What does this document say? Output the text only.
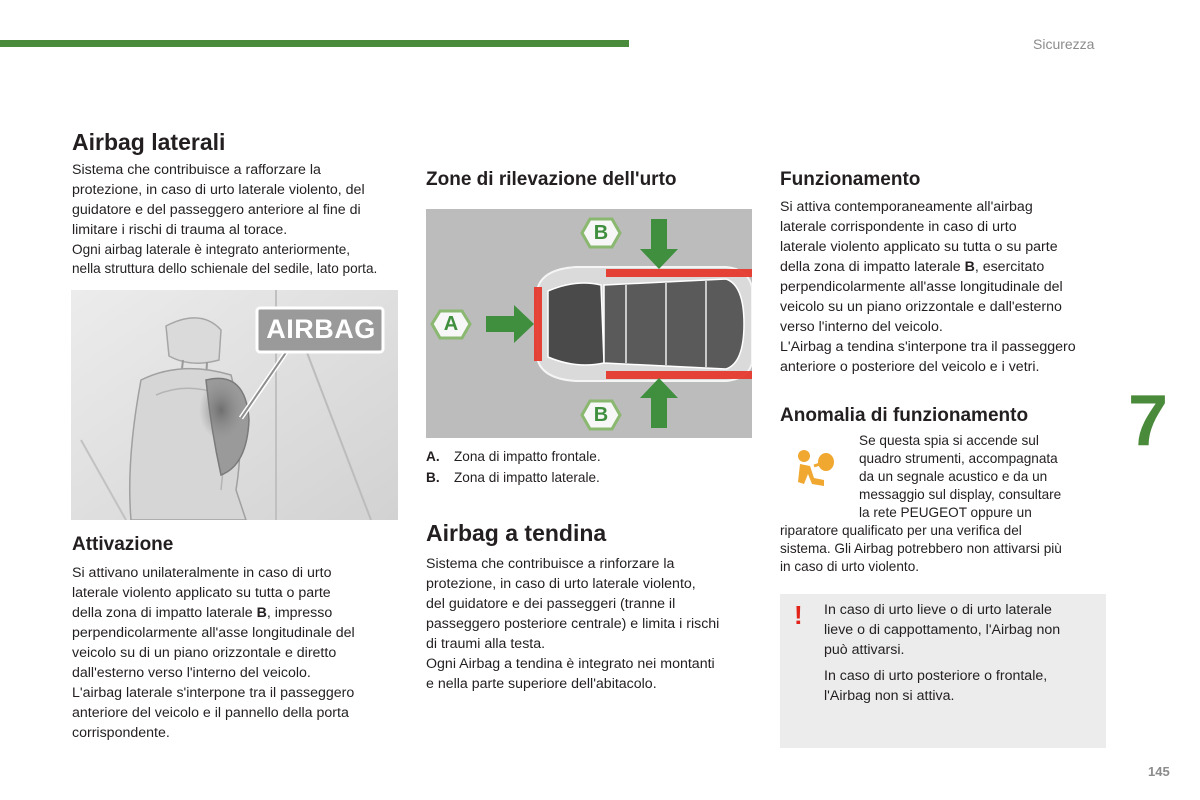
Sicurezza
7
145
Airbag laterali

Sistema che contribuisce a rafforzare la

protezione, in caso di urto laterale violento, del

guidatore e del passeggero anteriore al fine di

limitare i rischi di trauma al torace.

Ogni airbag laterale è integrato anteriormente,

nella struttura dello schienale del sedile, lato porta.

AIRBAG
Attivazione

Si attivano unilateralmente in caso di urto

laterale violento applicato su tutta o parte

della zona di impatto laterale B, impresso

perpendicolarmente all'asse longitudinale del

veicolo su di un piano orizzontale e diretto

dall'esterno verso l'interno del veicolo.

L'airbag laterale s'interpone tra il passeggero

anteriore del veicolo e il pannello della porta

corrispondente.

Zone di rilevazione dell'urto
B
B
A
A. Zona di impatto frontale.
B. Zona di impatto laterale.
Airbag a tendina

Sistema che contribuisce a rinforzare la

protezione, in caso di urto laterale violento,

del guidatore e dei passeggeri (tranne il

passeggero posteriore centrale) e limita i rischi

di traumi alla testa.

Ogni Airbag a tendina è integrato nei montanti

e nella parte superiore dell'abitacolo.

Funzionamento

Si attiva contemporaneamente all'airbag

laterale corrispondente in caso di urto

laterale violento applicato su tutta o su parte

della zona di impatto laterale B, esercitato

perpendicolarmente all'asse longitudinale del

veicolo su un piano orizzontale e dall'esterno

verso l'interno del veicolo.

L'Airbag a tendina s'interpone tra il passeggero

anteriore o posteriore del veicolo e i vetri.

Anomalia di funzionamento

Se questa spia si accende sul

quadro strumenti, accompagnata

da un segnale acustico e da un

messaggio sul display, consultare

la rete PEUGEOT oppure un

riparatore qualificato per una verifica del

sistema. Gli Airbag potrebbero non attivarsi più

in caso di urto violento.

! In caso di urto lieve o di urto laterale
lieve o di cappottamento, l'Airbag non
può attivarsi.

In caso di urto posteriore o frontale,
l'Airbag non si attiva.
